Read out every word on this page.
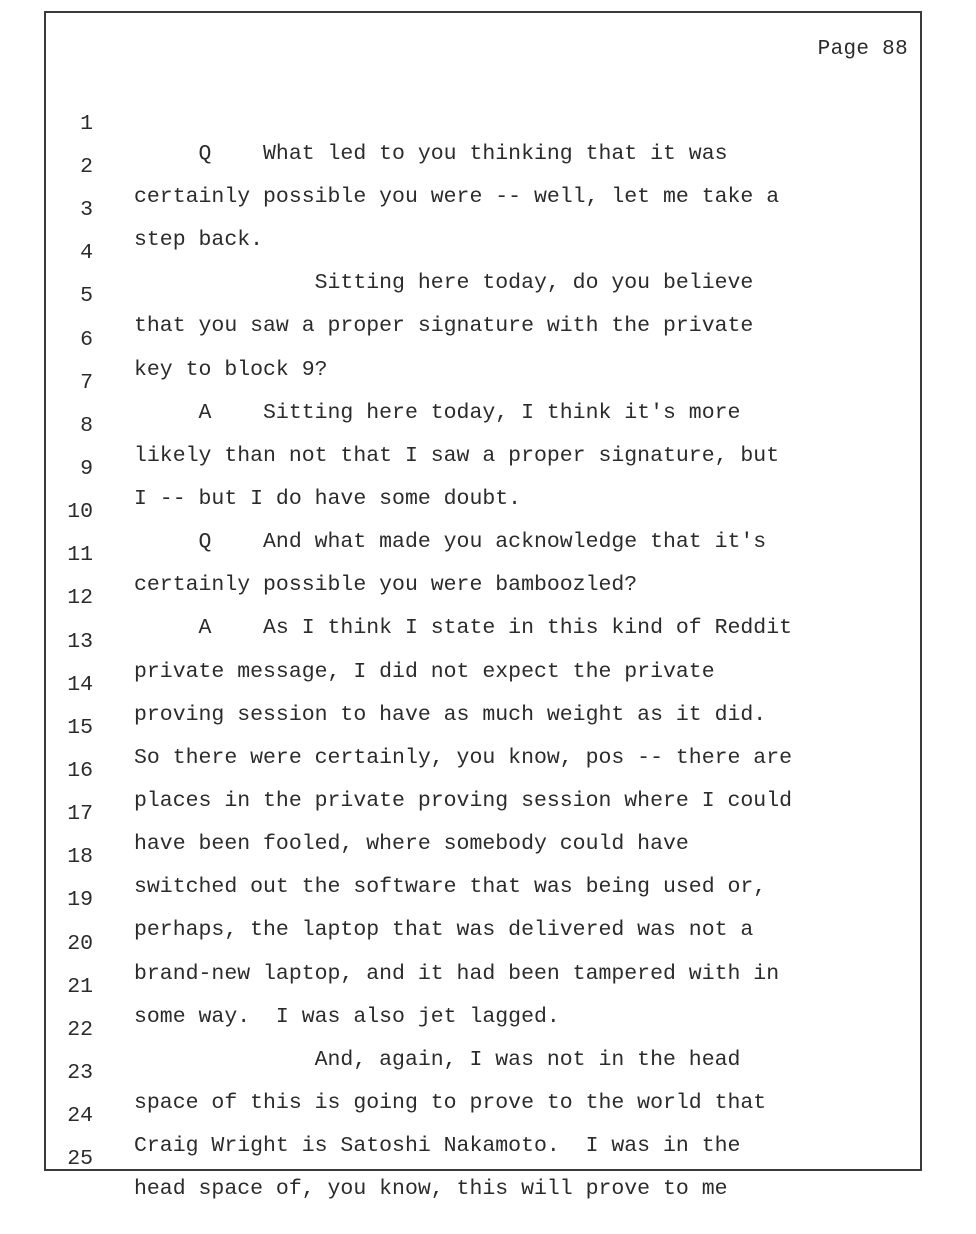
Page 88

1

Q    What led to you thinking that it was

2

certainly possible you were -- well, let me take a

3

step back.

4

Sitting here today, do you believe

5

that you saw a proper signature with the private

6

key to block 9?

7

A    Sitting here today, I think it's more

8

likely than not that I saw a proper signature, but

9

I -- but I do have some doubt.

10

Q    And what made you acknowledge that it's

11

certainly possible you were bamboozled?

12

A    As I think I state in this kind of Reddit

13

private message, I did not expect the private

14

proving session to have as much weight as it did.

15

So there were certainly, you know, pos -- there are

16

places in the private proving session where I could

17

have been fooled, where somebody could have

18

switched out the software that was being used or,

19

perhaps, the laptop that was delivered was not a

20

brand-new laptop, and it had been tampered with in

21

some way.  I was also jet lagged.

22

And, again, I was not in the head

23

space of this is going to prove to the world that

24

Craig Wright is Satoshi Nakamoto.  I was in the

25

head space of, you know, this will prove to me
